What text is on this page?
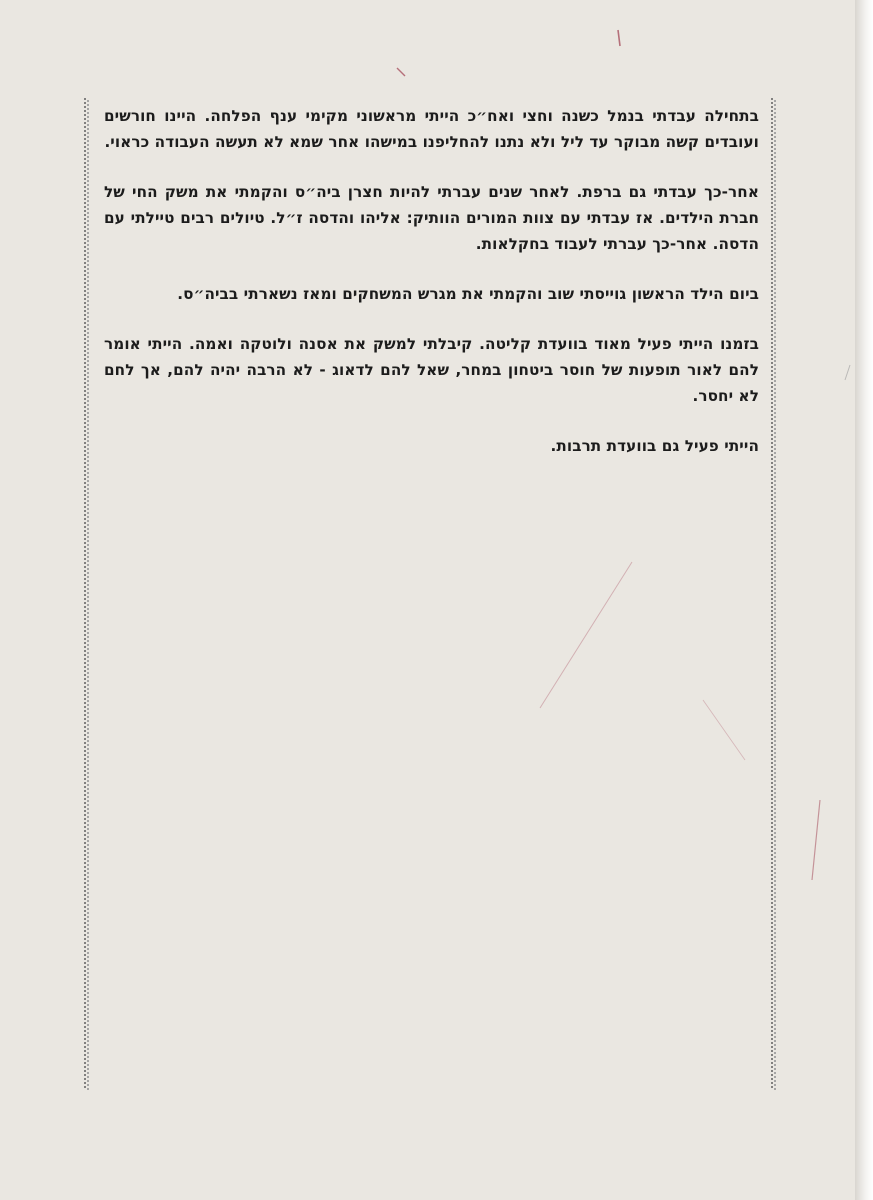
בתחילה עבדתי בנמל כשנה וחצי ואח״כ הייתי מראשוני מקימי ענף הפלחה. היינו חורשים ועובדים קשה מבוקר עד ליל ולא נתנו להחליפנו במישהו אחר שמא לא תעשה העבודה כראוי.

אחר-כך עבדתי גם ברפת. לאחר שנים עברתי להיות חצרן ביה״ס והקמתי את משק החי של חברת הילדים. אז עבדתי עם צוות המורים הוותיק: אליהו והדסה ז״ל. טיולים רבים טיילתי עם הדסה. אחר-כך עברתי לעבוד בחקלאות.

ביום הילד הראשון גוייסתי שוב והקמתי את מגרש המשחקים ומאז נשארתי בביה״ס.

בזמנו הייתי פעיל מאוד בוועדת קליטה. קיבלתי למשק את אסנה ולוטקה ואמה. הייתי אומר להם לאור תופעות של חוסר ביטחון במחר, שאל להם לדאוג - לא הרבה יהיה להם, אך לחם לא יחסר.

הייתי פעיל גם בוועדת תרבות.
